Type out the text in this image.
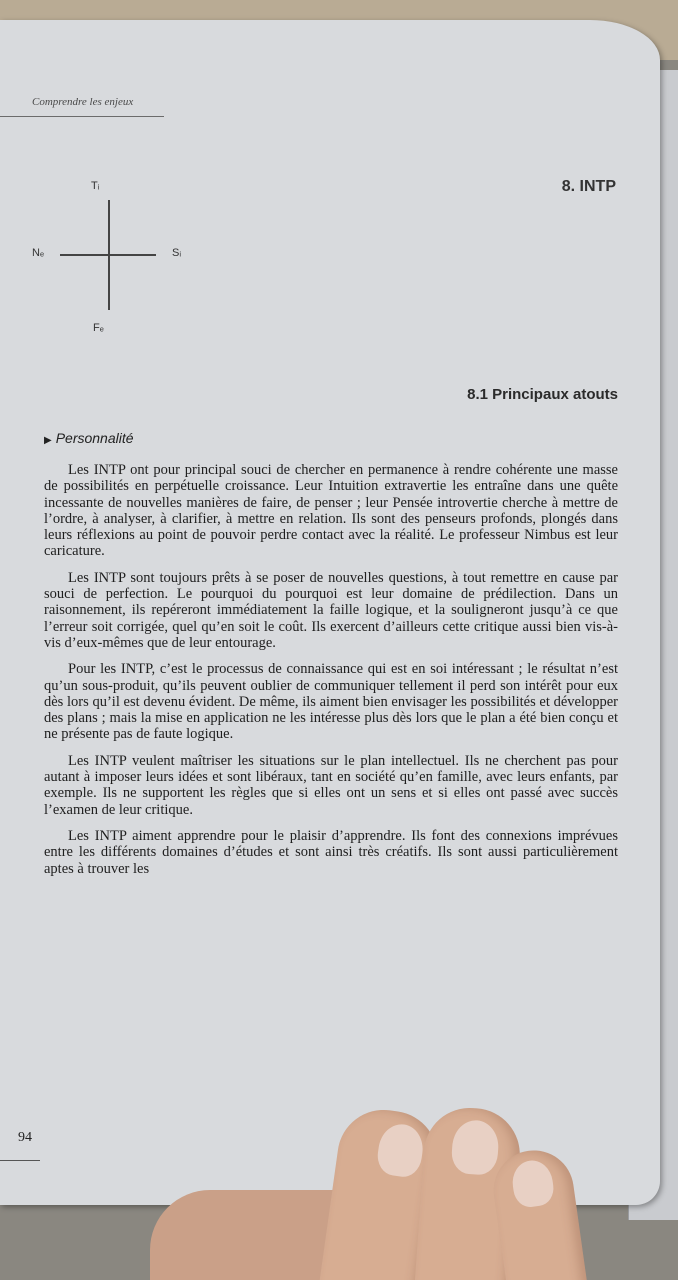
Comprendre les enjeux
Tᵢ
Nₑ	Sᵢ
Fₑ
8. INTP
8.1 Principaux atouts
▶ Personnalité

Les INTP ont pour principal souci de chercher en permanence à rendre cohérente une masse de possibilités en perpétuelle croissance. Leur Intuition extravertie les entraîne dans une quête incessante de nouvelles manières de faire, de penser ; leur Pensée introvertie cherche à mettre de l’ordre, à analyser, à clarifier, à mettre en relation. Ils sont des penseurs profonds, plongés dans leurs réflexions au point de pouvoir perdre contact avec la réalité. Le professeur Nimbus est leur caricature.

Les INTP sont toujours prêts à se poser de nouvelles questions, à tout remettre en cause par souci de perfection. Le pourquoi du pourquoi est leur domaine de prédilection. Dans un raisonnement, ils repéreront immédiatement la faille logique, et la souligneront jusqu’à ce que l’erreur soit corrigée, quel qu’en soit le coût. Ils exercent d’ailleurs cette critique aussi bien vis-à-vis d’eux-mêmes que de leur entourage.

Pour les INTP, c’est le processus de connaissance qui est en soi intéressant ; le résultat n’est qu’un sous-produit, qu’ils peuvent oublier de communiquer tellement il perd son intérêt pour eux dès lors qu’il est devenu évident. De même, ils aiment bien envisager les possibilités et développer des plans ; mais la mise en application ne les intéresse plus dès lors que le plan a été bien conçu et ne présente pas de faute logique.

Les INTP veulent maîtriser les situations sur le plan intellectuel. Ils ne cherchent pas pour autant à imposer leurs idées et sont libéraux, tant en société qu’en famille, avec leurs enfants, par exemple. Ils ne supportent les règles que si elles ont un sens et si elles ont passé avec succès l’examen de leur critique.

Les INTP aiment apprendre pour le plaisir d’apprendre. Ils font des connexions imprévues entre les différents domaines d’études et sont ainsi très créatifs. Ils sont aussi particulièrement aptes à trouver les

94
